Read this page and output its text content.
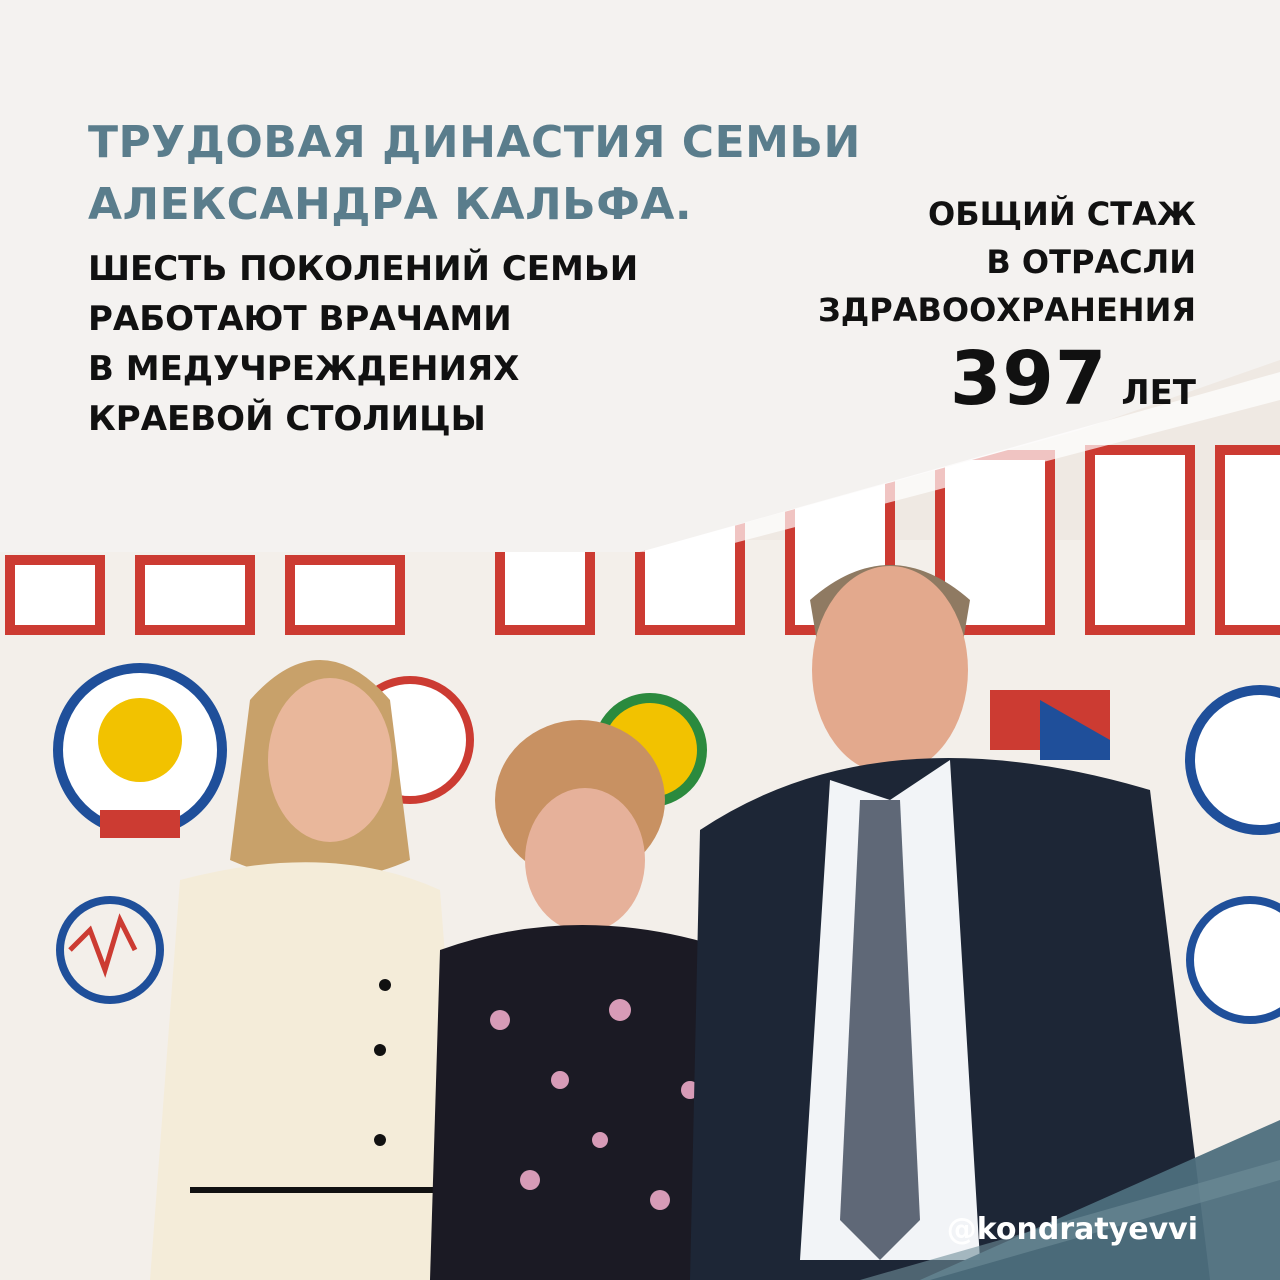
ТРУДОВАЯ ДИНАСТИЯ СЕМЬИ
АЛЕКСАНДРА КАЛЬФА.

ШЕСТЬ ПОКОЛЕНИЙ СЕМЬИ
РАБОТАЮТ ВРАЧАМИ
В МЕДУЧРЕЖДЕНИЯХ
КРАЕВОЙ СТОЛИЦЫ

ОБЩИЙ СТАЖ
В ОТРАСЛИ
ЗДРАВООХРАНЕНИЯ

397 ЛЕТ
@kondratyevvi
